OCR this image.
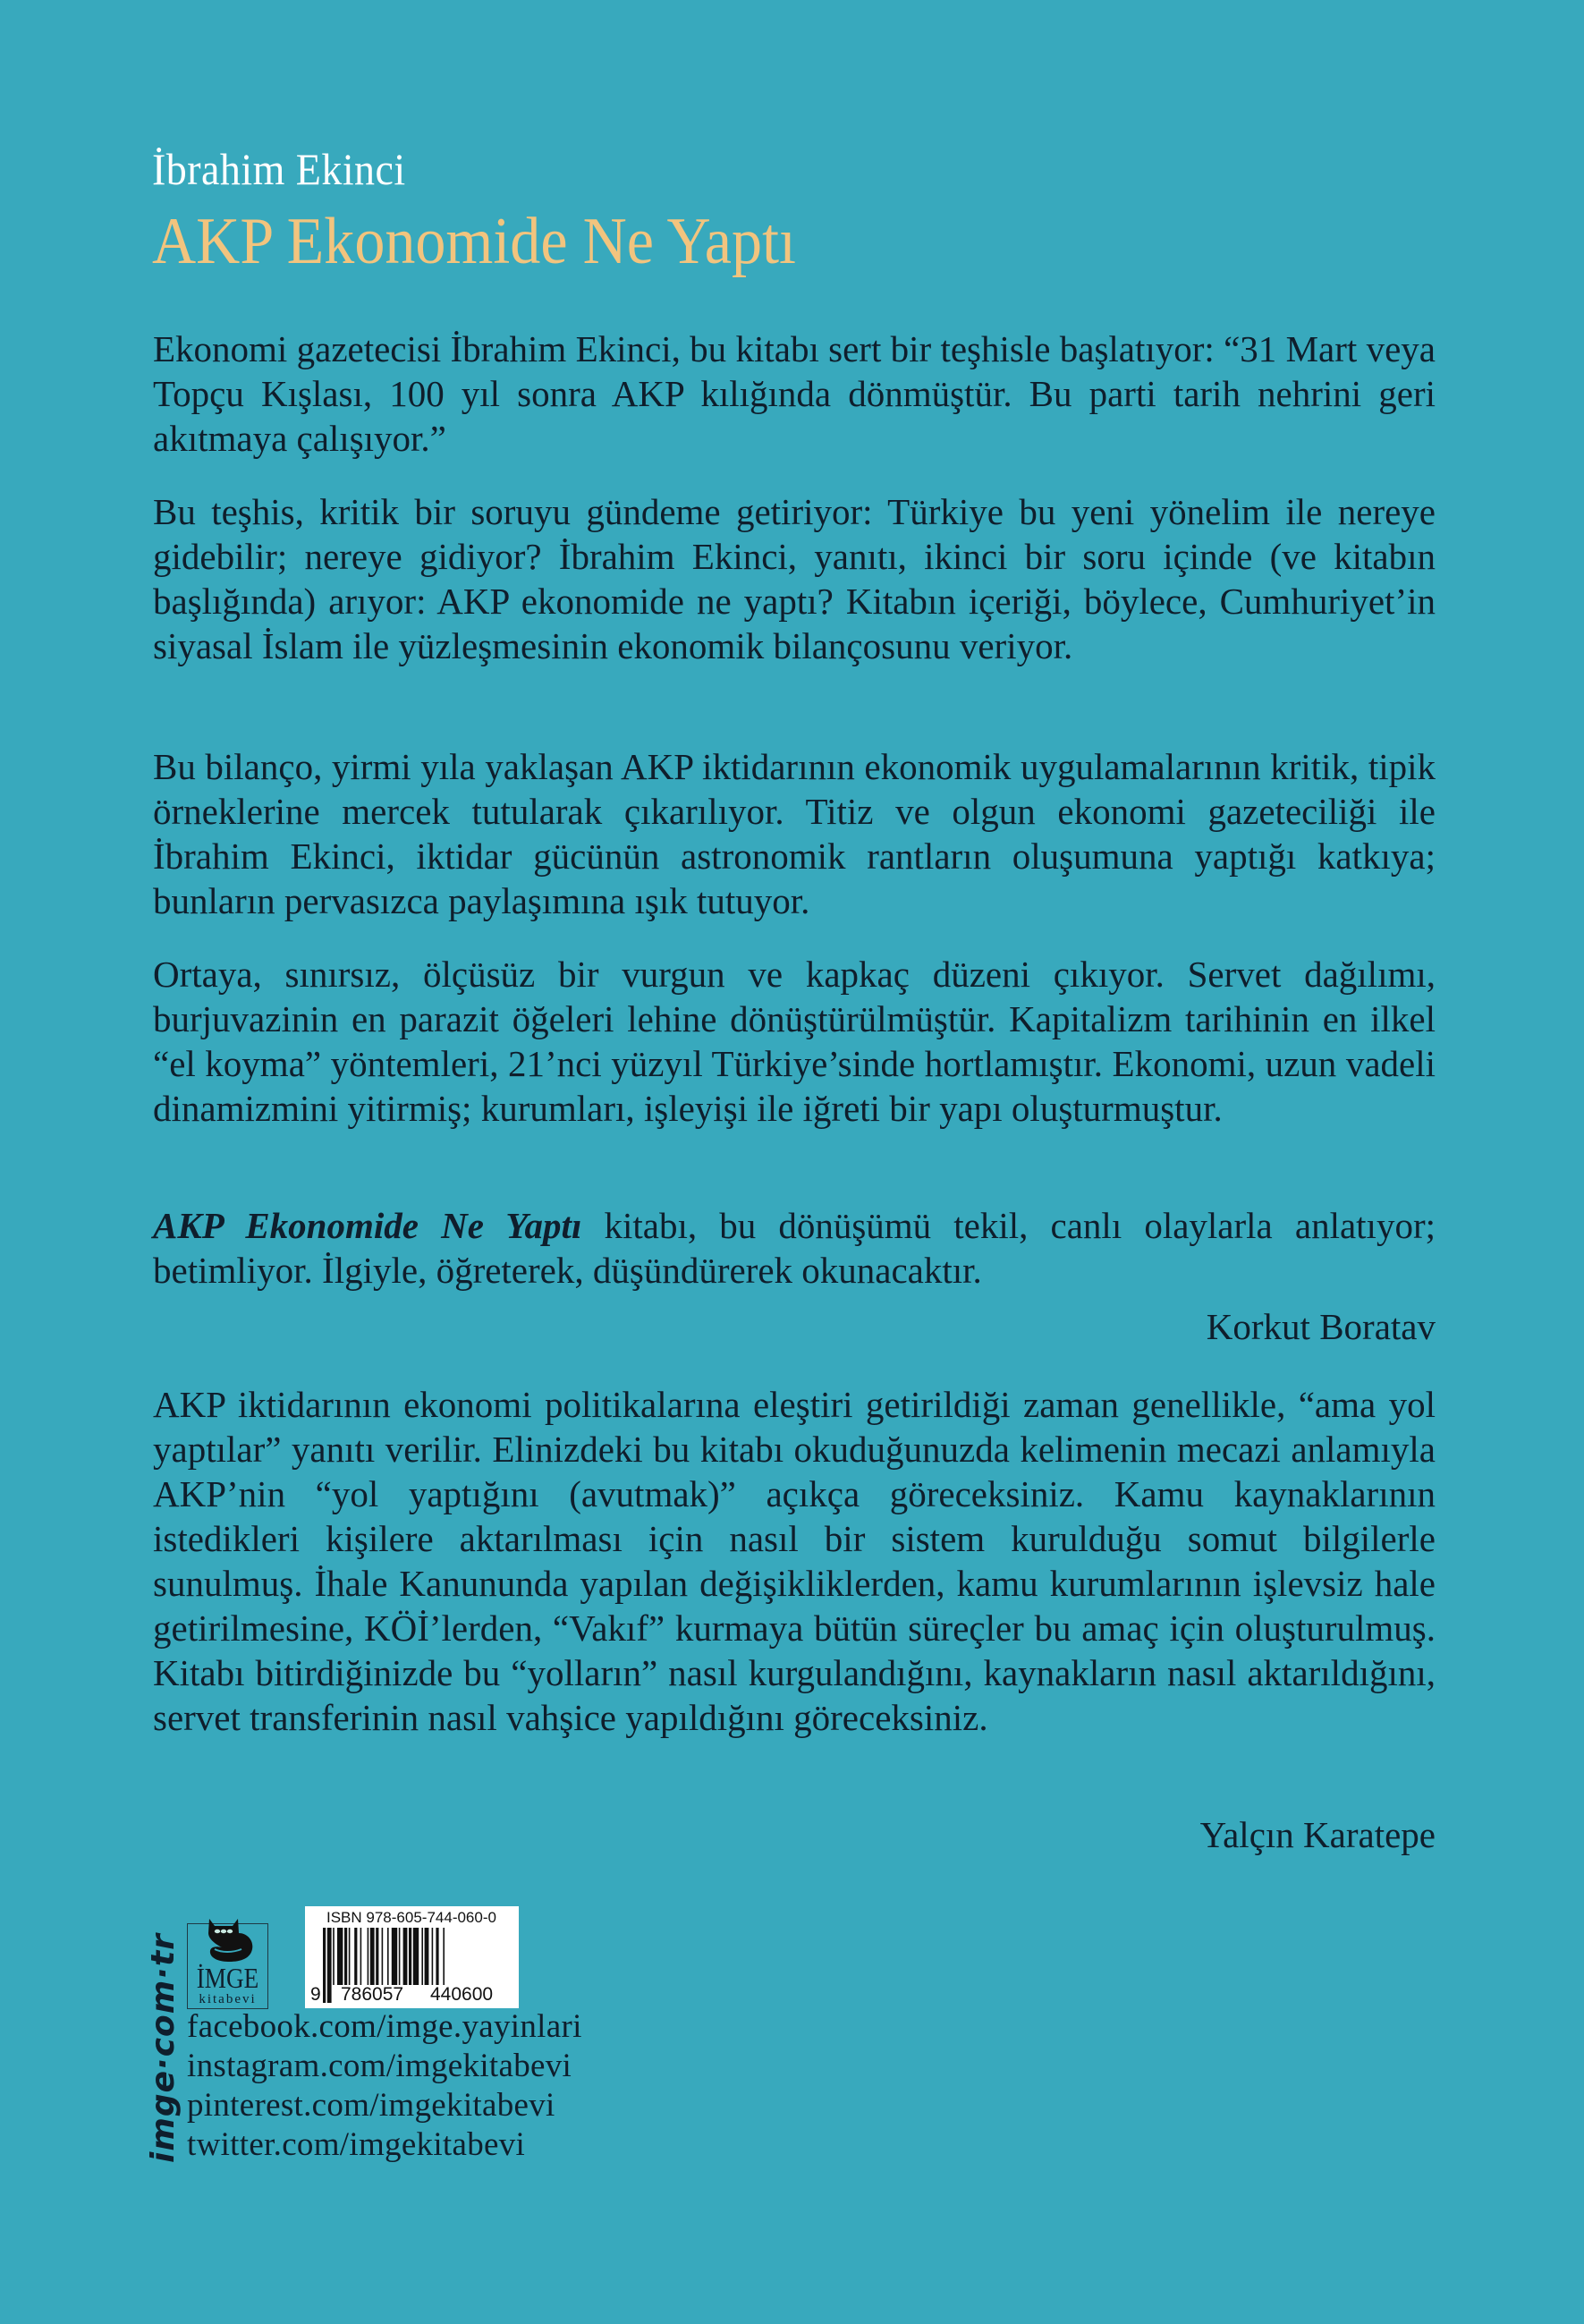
İbrahim Ekinci
AKP Ekonomide Ne Yaptı

Ekonomi gazetecisi İbrahim Ekinci, bu kitabı sert bir teşhisle başlatıyor: “31 Mart veya Topçu Kışlası, 100 yıl sonra AKP kılığında dönmüştür. Bu parti tarih nehrini geri akıtmaya çalışıyor.”

Bu teşhis, kritik bir soruyu gündeme getiriyor: Türkiye bu yeni yönelim ile nereye gidebilir; nereye gidiyor? İbrahim Ekinci, yanıtı, ikinci bir soru içinde (ve kitabın başlığında) arıyor: AKP ekonomide ne yaptı? Kitabın içeriği, böylece, Cumhuriyet’in siyasal İslam ile yüzleşmesinin ekonomik bilançosunu veriyor.

Bu bilanço, yirmi yıla yaklaşan AKP iktidarının ekonomik uygulamalarının kritik, tipik örneklerine mercek tutularak çıkarılıyor. Titiz ve olgun ekonomi gazeteciliği ile İbrahim Ekinci, iktidar gücünün astronomik rantların oluşumuna yaptığı katkıya; bunların pervasızca paylaşımına ışık tutuyor.

Ortaya, sınırsız, ölçüsüz bir vurgun ve kapkaç düzeni çıkıyor. Servet dağılımı, burjuvazinin en parazit öğeleri lehine dönüştürülmüştür. Kapitalizm tarihinin en ilkel “el koyma” yöntemleri, 21’nci yüzyıl Türkiye’sinde hortlamıştır. Ekonomi, uzun vadeli dinamizmini yitirmiş; kurumları, işleyişi ile iğreti bir yapı oluşturmuştur.

AKP Ekonomide Ne Yaptı kitabı, bu dönüşümü tekil, canlı olaylarla anlatıyor; betimliyor. İlgiyle, öğreterek, düşündürerek okunacaktır.

Korkut Boratav

AKP iktidarının ekonomi politikalarına eleştiri getirildiği zaman genellikle, “ama yol yaptılar” yanıtı verilir. Elinizdeki bu kitabı okuduğunuzda kelimenin mecazi anlamıyla AKP’nin “yol yaptığını (avutmak)” açıkça göreceksiniz. Kamu kaynaklarının istedikleri kişilere aktarılması için nasıl bir sistem kurulduğu somut bilgilerle sunulmuş. İhale Kanununda yapılan değişikliklerden, kamu kurumlarının işlevsiz hale getirilmesine, KÖİ’lerden, “Vakıf” kurmaya bütün süreçler bu amaç için oluşturulmuş. Kitabı bitirdiğinizde bu “yolların” nasıl kurgulandığını, kaynakların nasıl aktarıldığını, servet transferinin nasıl vahşice yapıldığını göreceksiniz.

Yalçın Karatepe
imge·com·tr İMGE
kitabevi
ISBN 978-605-744-060-0
9 786057 440600
facebook.com/imge.yayinlari
instagram.com/imgekitabevi
pinterest.com/imgekitabevi
twitter.com/imgekitabevi
